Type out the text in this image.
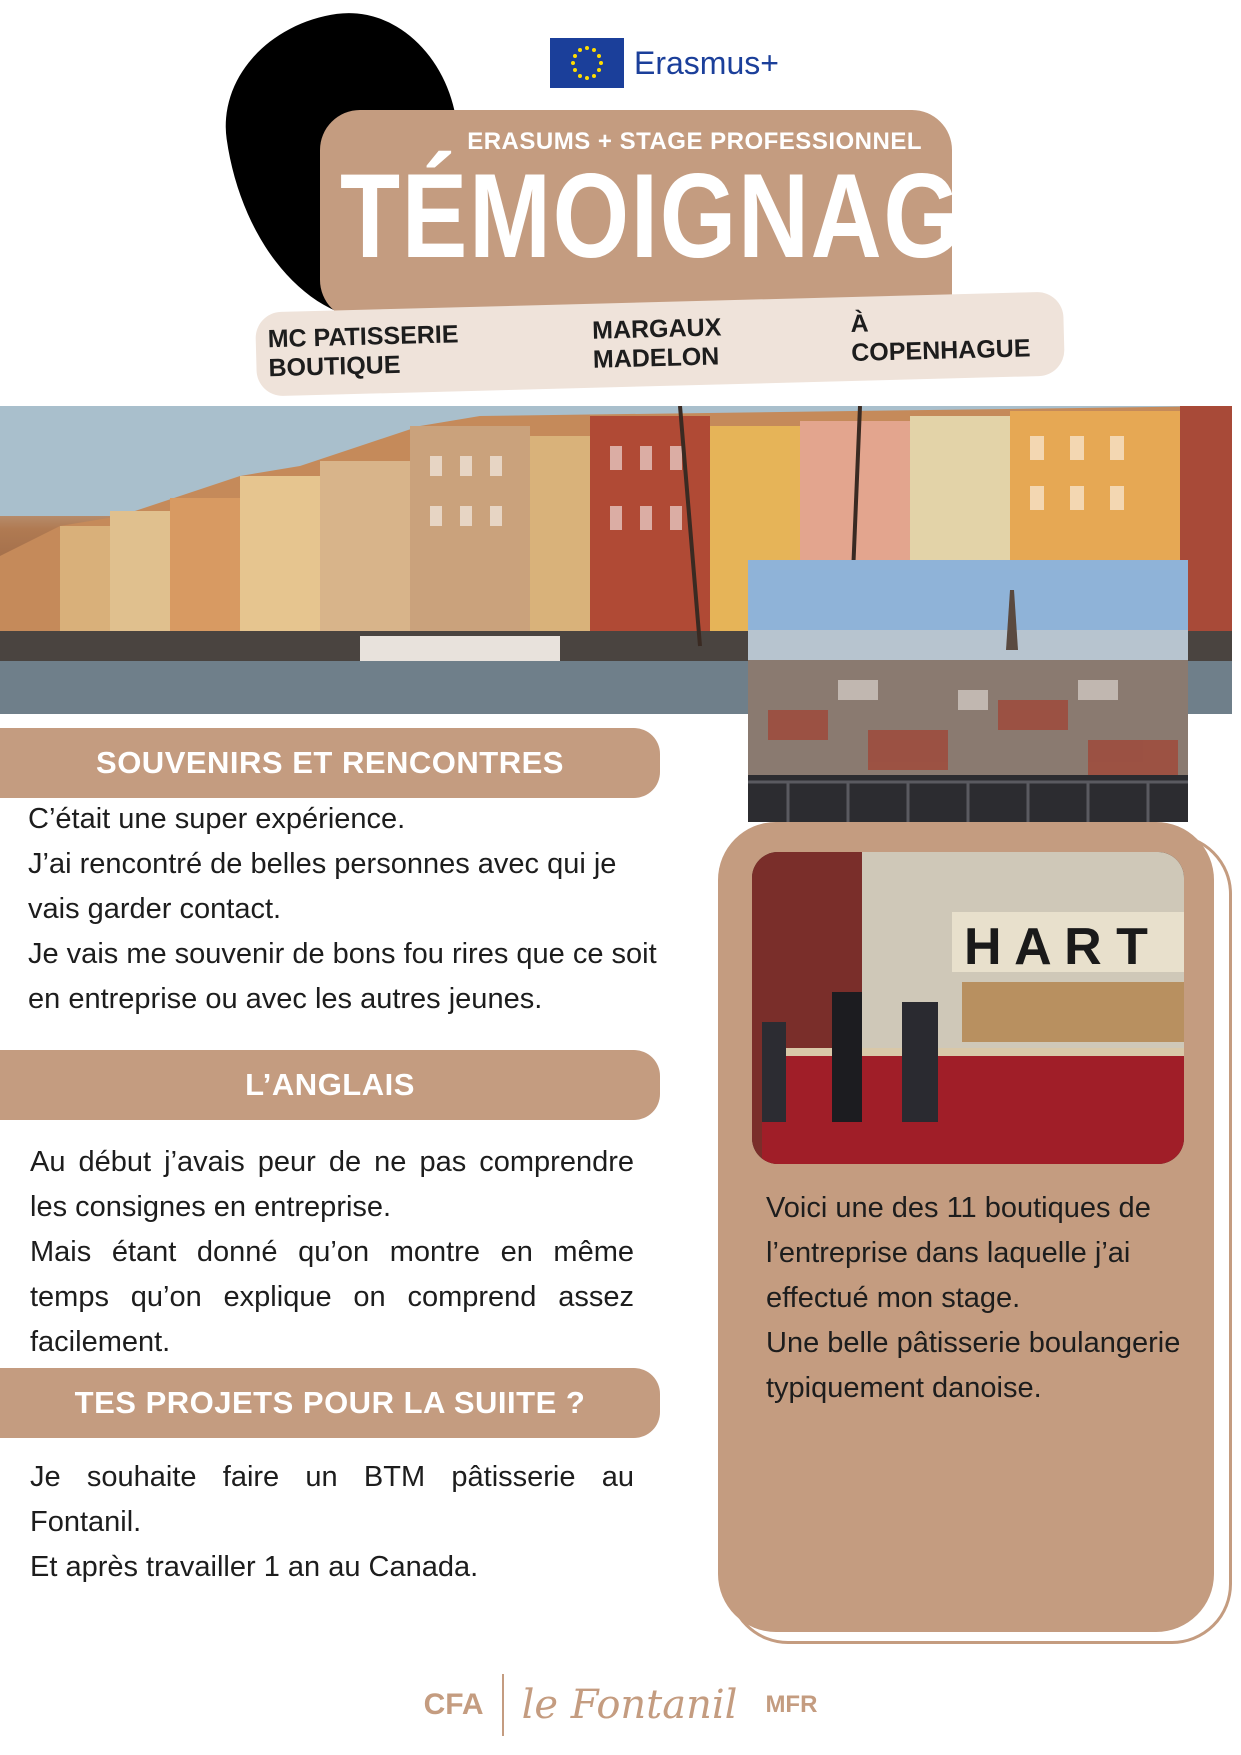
Erasmus+
ERASUMS + STAGE PROFESSIONNEL
TÉMOIGNAGE
MC PATISSERIE BOUTIQUE
MARGAUX MADELON
À COPENHAGUE
H A R T

Voici une des 11 boutiques de l’entreprise dans laquelle j’ai effectué mon stage.

Une belle pâtisserie boulangerie typiquement danoise.

SOUVENIRS ET RENCONTRES

C’était une super expérience.

J’ai rencontré de belles personnes avec qui je vais garder contact.

Je vais me souvenir de bons fou rires que ce soit en entreprise ou avec les autres jeunes.

L’ANGLAIS

Au début j’avais peur de ne pas comprendre les consignes en entreprise.

Mais étant donné qu’on montre en même temps qu’on explique on comprend assez facilement.

TES PROJETS POUR LA SUIITE ?

Je souhaite faire un BTM pâtisserie au Fontanil.

Et après travailler 1 an au Canada.

CFA le Fontanil MFR
